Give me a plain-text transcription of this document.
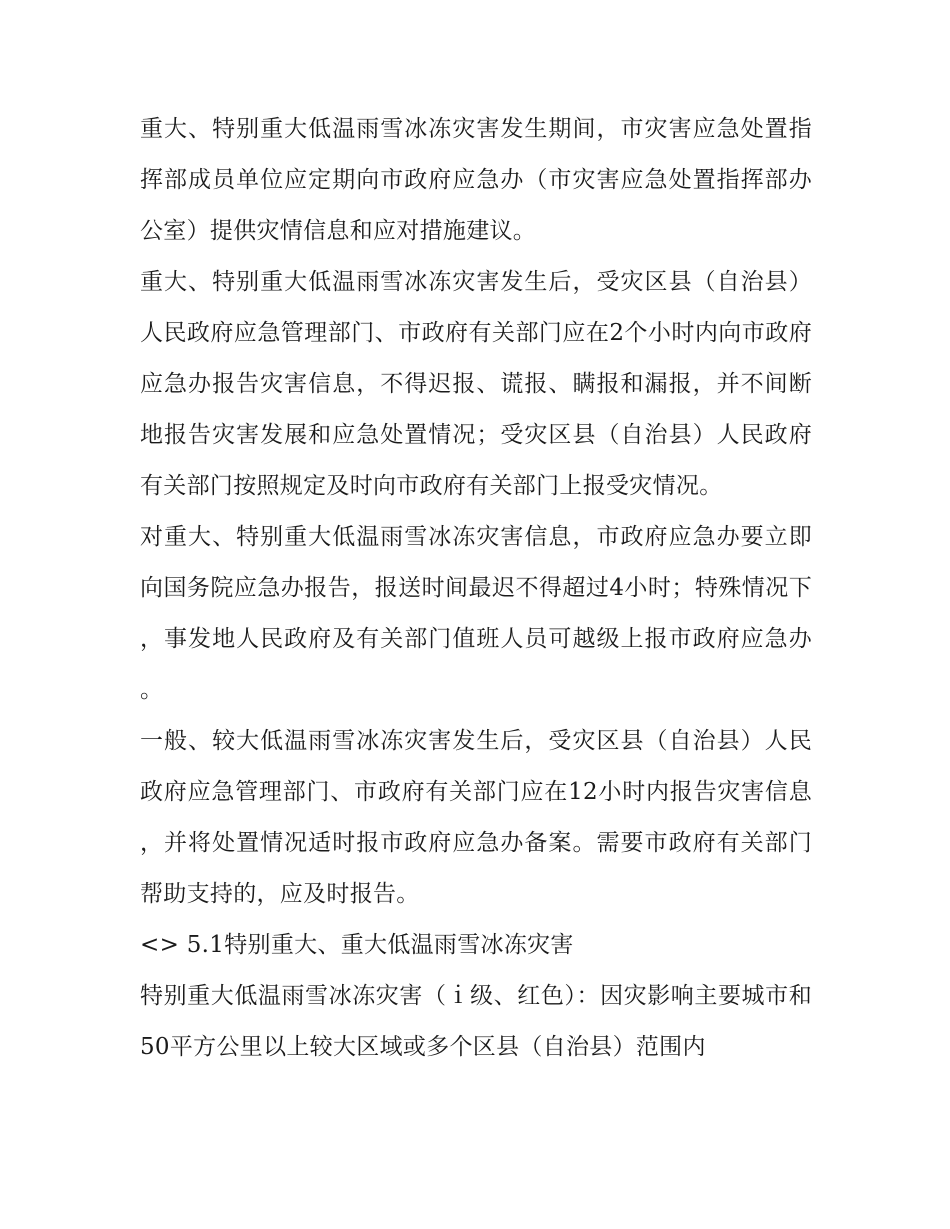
重大、特别重大低温雨雪冰冻灾害发生期间，市灾害应急处置指挥部成员单位应定期向市政府应急办（市灾害应急处置指挥部办公室）提供灾情信息和应对措施建议。

重大、特别重大低温雨雪冰冻灾害发生后，受灾区县（自治县）人民政府应急管理部门、市政府有关部门应在2个小时内向市政府应急办报告灾害信息，不得迟报、谎报、瞒报和漏报，并不间断地报告灾害发展和应急处置情况；受灾区县（自治县）人民政府有关部门按照规定及时向市政府有关部门上报受灾情况。

对重大、特别重大低温雨雪冰冻灾害信息，市政府应急办要立即向国务院应急办报告，报送时间最迟不得超过4小时；特殊情况下，事发地人民政府及有关部门值班人员可越级上报市政府应急办。

一般、较大低温雨雪冰冻灾害发生后，受灾区县（自治县）人民政府应急管理部门、市政府有关部门应在12小时内报告灾害信息，并将处置情况适时报市政府应急办备案。需要市政府有关部门帮助支持的，应及时报告。

<> 5.1特别重大、重大低温雨雪冰冻灾害

特别重大低温雨雪冰冻灾害（ｉ级、红色）：因灾影响主要城市和50平方公里以上较大区域或多个区县（自治县）范围内
